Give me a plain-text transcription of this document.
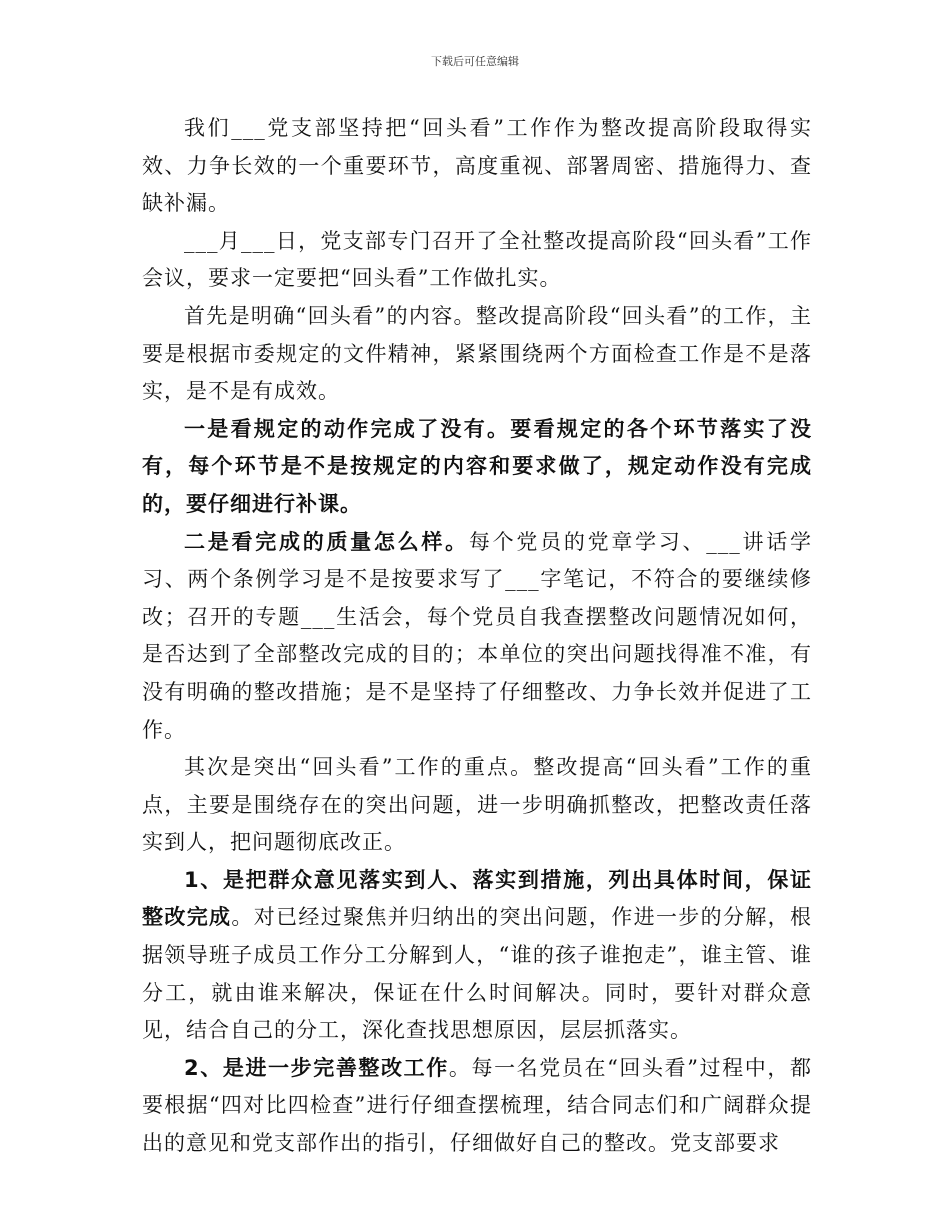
下载后可任意编辑

我们___党支部坚持把“回头看”工作作为整改提高阶段取得实效、力争长效的一个重要环节，高度重视、部署周密、措施得力、查缺补漏。

___月___日，党支部专门召开了全社整改提高阶段“回头看”工作会议，要求一定要把“回头看”工作做扎实。

首先是明确“回头看”的内容。整改提高阶段“回头看”的工作，主要是根据市委规定的文件精神，紧紧围绕两个方面检查工作是不是落实，是不是有成效。

一是看规定的动作完成了没有。要看规定的各个环节落实了没有，每个环节是不是按规定的内容和要求做了，规定动作没有完成的，要仔细进行补课。

二是看完成的质量怎么样。每个党员的党章学习、___讲话学习、两个条例学习是不是按要求写了___字笔记，不符合的要继续修改；召开的专题___生活会，每个党员自我查摆整改问题情况如何，是否达到了全部整改完成的目的；本单位的突出问题找得准不准，有没有明确的整改措施；是不是坚持了仔细整改、力争长效并促进了工作。

其次是突出“回头看”工作的重点。整改提高“回头看”工作的重点，主要是围绕存在的突出问题，进一步明确抓整改，把整改责任落实到人，把问题彻底改正。

1、是把群众意见落实到人、落实到措施，列出具体时间，保证整改完成。对已经过聚焦并归纳出的突出问题，作进一步的分解，根据领导班子成员工作分工分解到人，“谁的孩子谁抱走”，谁主管、谁分工，就由谁来解决，保证在什么时间解决。同时，要针对群众意见，结合自己的分工，深化查找思想原因，层层抓落实。

2、是进一步完善整改工作。每一名党员在“回头看”过程中，都要根据“四对比四检查”进行仔细查摆梳理，结合同志们和广阔群众提出的意见和党支部作出的指引，仔细做好自己的整改。党支部要求
